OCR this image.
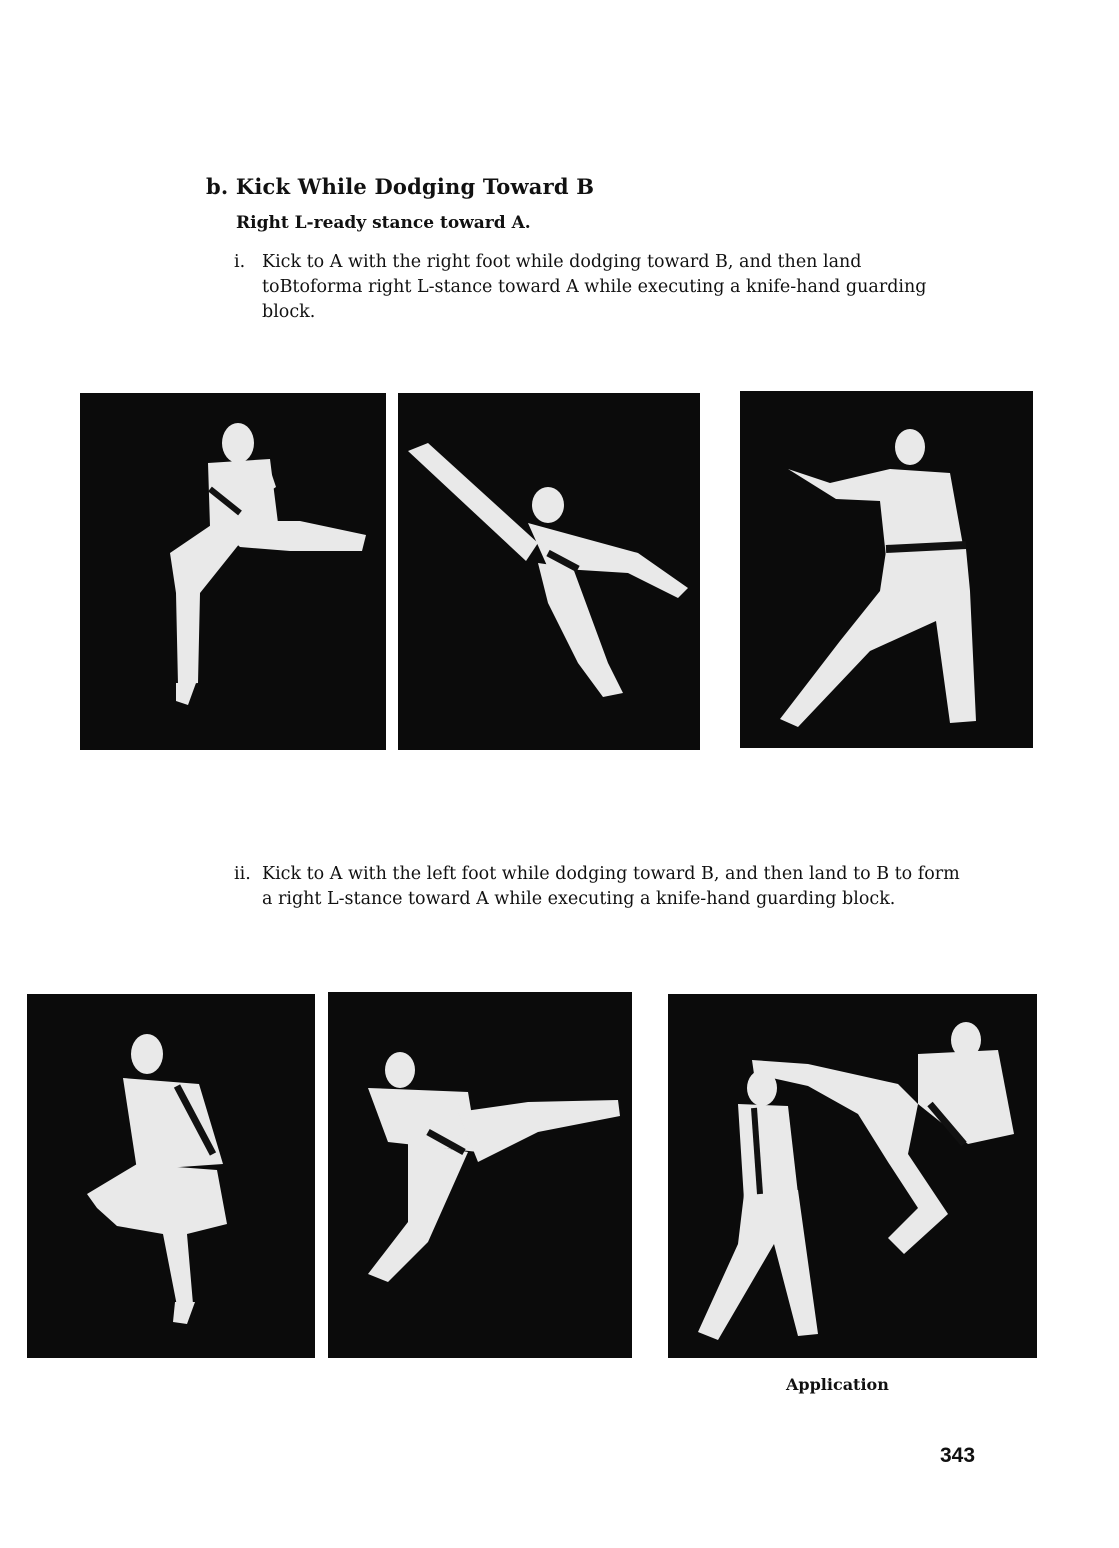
b. Kick While Dodging Toward B
Right L-ready stance toward A.
i. Kick to A with the right foot while dodging toward B, and then land toBtoforma right L-stance toward A while executing a knife-hand guarding block.
ii. Kick to A with the left foot while dodging toward B, and then land to B to form a right L-stance toward A while executing a knife-hand guarding block.
Application
343
